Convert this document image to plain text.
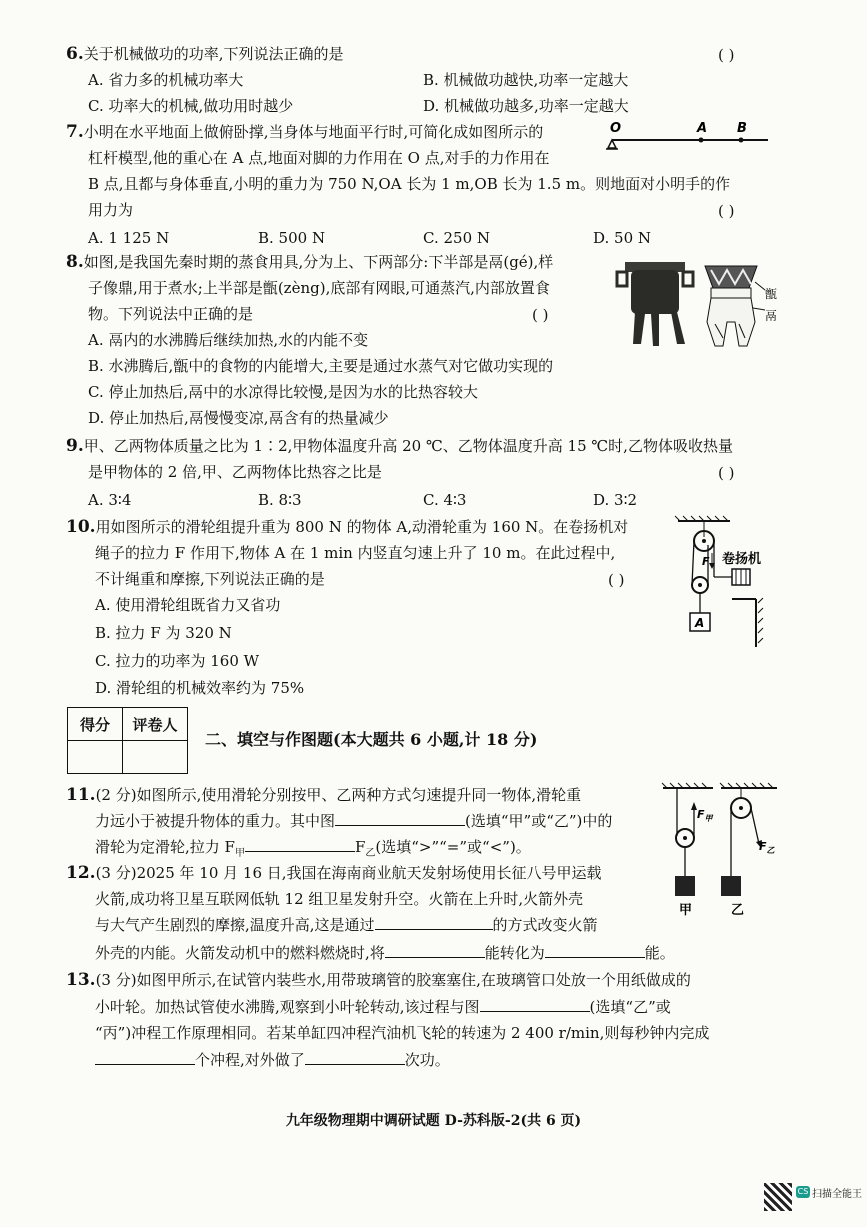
6.关于机械做功的功率,下列说法正确的是	( )
A. 省力多的机械功率大	B. 机械做功越快,功率一定越大
C. 功率大的机械,做功用时越少	D. 机械做功越多,功率一定越大
7.小明在水平地面上做俯卧撑,当身体与地面平行时,可简化成如图所示的
杠杆模型,他的重心在 A 点,地面对脚的力作用在 O 点,对手的力作用在
B 点,且都与身体垂直,小明的重力为 750 N,OA 长为 1 m,OB 长为 1.5 m。则地面对小明手的作
用力为	( )
A. 1 125 N	B. 500 N	C. 250 N	D. 50 N
O	A B
8.如图,是我国先秦时期的蒸食用具,分为上、下两部分:下半部是鬲(gé),样
子像鼎,用于煮水;上半部是甑(zèng),底部有网眼,可通蒸汽,内部放置食
物。下列说法中正确的是	( )
A. 鬲内的水沸腾后继续加热,水的内能不变
B. 水沸腾后,甑中的食物的内能增大,主要是通过水蒸气对它做功实现的
C. 停止加热后,鬲中的水凉得比较慢,是因为水的比热容较大
D. 停止加热后,鬲慢慢变凉,鬲含有的热量减少
甑
鬲
9.甲、乙两物体质量之比为 1∶2,甲物体温度升高 20 ℃、乙物体温度升高 15 ℃时,乙物体吸收热量
是甲物体的 2 倍,甲、乙两物体比热容之比是	( )
A. 3∶4	B. 8∶3	C. 4∶3	D. 3∶2
10.用如图所示的滑轮组提升重为 800 N 的物体 A,动滑轮重为 160 N。在卷扬机对
绳子的拉力 F 作用下,物体 A 在 1 min 内竖直匀速上升了 10 m。在此过程中,
不计绳重和摩擦,下列说法正确的是	( )
A. 使用滑轮组既省力又省功
B. 拉力 F 为 320 N
C. 拉力的功率为 160 W
D. 滑轮组的机械效率约为 75%
卷扬机
F
A
得分	评卷人

二、填空与作图题(本大题共 6 小题,计 18 分)
11.(2 分)如图所示,使用滑轮分别按甲、乙两种方式匀速提升同一物体,滑轮重
力远小于被提升物体的重力。其中图	(选填“甲”或“乙”)中的
滑轮为定滑轮,拉力 $F_甲$	$F_乙$(选填“>”“=”或“<”)。
$F_甲$
甲
$F_乙$
乙
12.(3 分)2025 年 10 月 16 日,我国在海南商业航天发射场使用长征八号甲运载
火箭,成功将卫星互联网低轨 12 组卫星发射升空。火箭在上升时,火箭外壳
与大气产生剧烈的摩擦,温度升高,这是通过	的方式改变火箭
外壳的内能。火箭发动机中的燃料燃烧时,将	能转化为	能。
13.(3 分)如图甲所示,在试管内装些水,用带玻璃管的胶塞塞住,在玻璃管口处放一个用纸做成的
小叶轮。加热试管使水沸腾,观察到小叶轮转动,该过程与图	(选填“乙”或
“丙”)冲程工作原理相同。若某单缸四冲程汽油机飞轮的转速为 2 400 r/min,则每秒钟内完成
个冲程,对外做了	次功。
九年级物理期中调研试题 D-苏科版-2(共 6 页)
CS 扫描全能王
